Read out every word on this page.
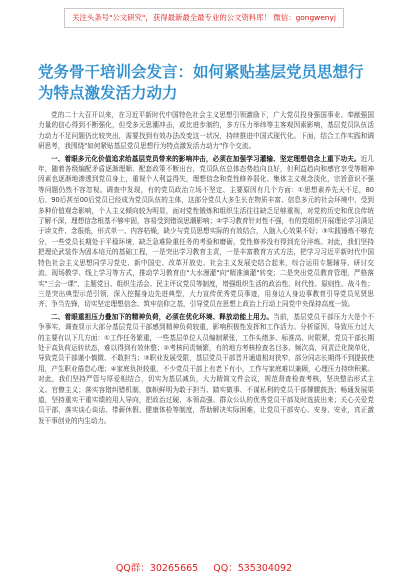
关注头条号"公文研究"，获得最新最全最专业的公文资料库！ 微信：gongwenyj
党务骨干培训会发言：如何紧贴基层党员思想行为特点激发活力动力

党的二十大召开以来，在习近平新时代中国特色社会主义思想引领激励下，广大党员投身强国事业、奉献强国力量的信心得到不断强化，但受多元思潮冲击，或比进步制约，多方压力举纬等主客观因素影响，基层党员队伍活力动力不足问题仍比较突出，需要找到有效办法改变这一状况，持续推进中国式现代化。下面，结合工作实践和调研思考，我围绕"如何紧贴基层党员思想行为特点激发活力动力"作个交流。

一、着眼多元化价值追求给基层党员带来的影响冲击，必须在加强学习灌输、坚定理想信念上重下功夫。近几年，随着各级编配矛盾逐渐理顺、配套政策不断出台，党员队伍总体态势趋向良好，但利益趋向和感官享受等精神因素也逐渐地渗透到党员身上，重视个人利益得失，理想信念和党性修养弱化、集体主义观念淡化，宗旨意识不强等问题仍然不容忽视。调查中发现，有的党员政治立场不坚定、主要原因有几个方面：①思想素养先天不足，80后、90后甚至00后党员已经成为党员队伍的主体，这部分党员大多生长在物质丰富、信息多元的社会环境中，受到多种价值观念影响，个人主义倾向较为明显，面对党性锻炼和组织生活往往缺乏足够重视，对党的历史和优良传统了解不深，理想信念根基不够牢固，容易受到错误思潮影响；②学习教育针对性不强，有的党组织开展理论学习满足于读文件、念报纸，形式单一、内容枯燥，缺少与党员思想实际的有效结合，入脑入心效果不好；③实践锤炼不够充分，一些党员长期处于平稳环境，缺乏急难险重任务的考验和磨砺，党性修养没有得到充分淬炼。对此，我们坚持把理论武装作为固本培元的基础工程，一是突出学习教育主责，一是丰富教育方式方法，把学习习近平新时代中国特色社会主义思想同学习党史、新中国史、改革开放史、社会主义发展史结合起来，综合运用专题辅导、研讨交流、现场教学、线上学习等方式，推动学习教育由"大水漫灌"向"精准滴灌"转变；二是突出党员教育管理，严格落实"三会一课"、主题党日、组织生活会、民主评议党员等制度，增强组织生活的政治性、时代性、原则性、战斗性；三是突出典型示范引领，深入挖掘身边先进典型，大力宣传优秀党员事迹，用身边人身边事教育引导党员见贤思齐、争当先锋，切实坚定理想信念、筑牢信仰之基，引导党员在思想上政治上行动上同党中央保持高度一致。

二、着眼重担压力叠加下的精神负荷，必须在优化环境、释放动能上用力。当前，基层党员干部压力大是个不争事实，调查显示大部分基层党员干部感到精神负荷较重，影响积极性发挥和工作活力。分析原因，导致压力过大的主要有以下几方面：①工作任务繁重，一些基层单位人员编制紧张，工作头绪多、标准高、时限紧，党员干部长期处于高负荷运转状态，难以得到有效休整；②考核问责频繁，有的地方考核检查名目多、频次高，问责泛化简单化，导致党员干部谨小慎微、不敢担当；③职业发展受限，基层党员干部晋升通道相对狭窄，部分同志长期得不到提拔使用，产生职业倦怠心理；④家庭负担较重，不少党员干部上有老下有小，工作与家庭难以兼顾，心理压力持续积累。对此，我们坚持严管与厚爱相结合，切实为基层减负，大力精简文件会议，规范督查检查考核，坚决整治形式主义、官僚主义；落实容错纠错机制，旗帜鲜明为敢于担当、踏实做事、不谋私利的党员干部撑腰鼓劲；畅通发展渠道，坚持重实干重实绩的用人导向，把政治过硬、本领高强、群众公认的优秀党员干部及时选拔出来；关心关爱党员干部，落实谈心谈话、带薪休假、健康体检等制度，帮助解决实际困难，让党员干部安心、安身、安业，真正激发干事创业的内生动力。

QQ群：30265665 QQ：535304092
